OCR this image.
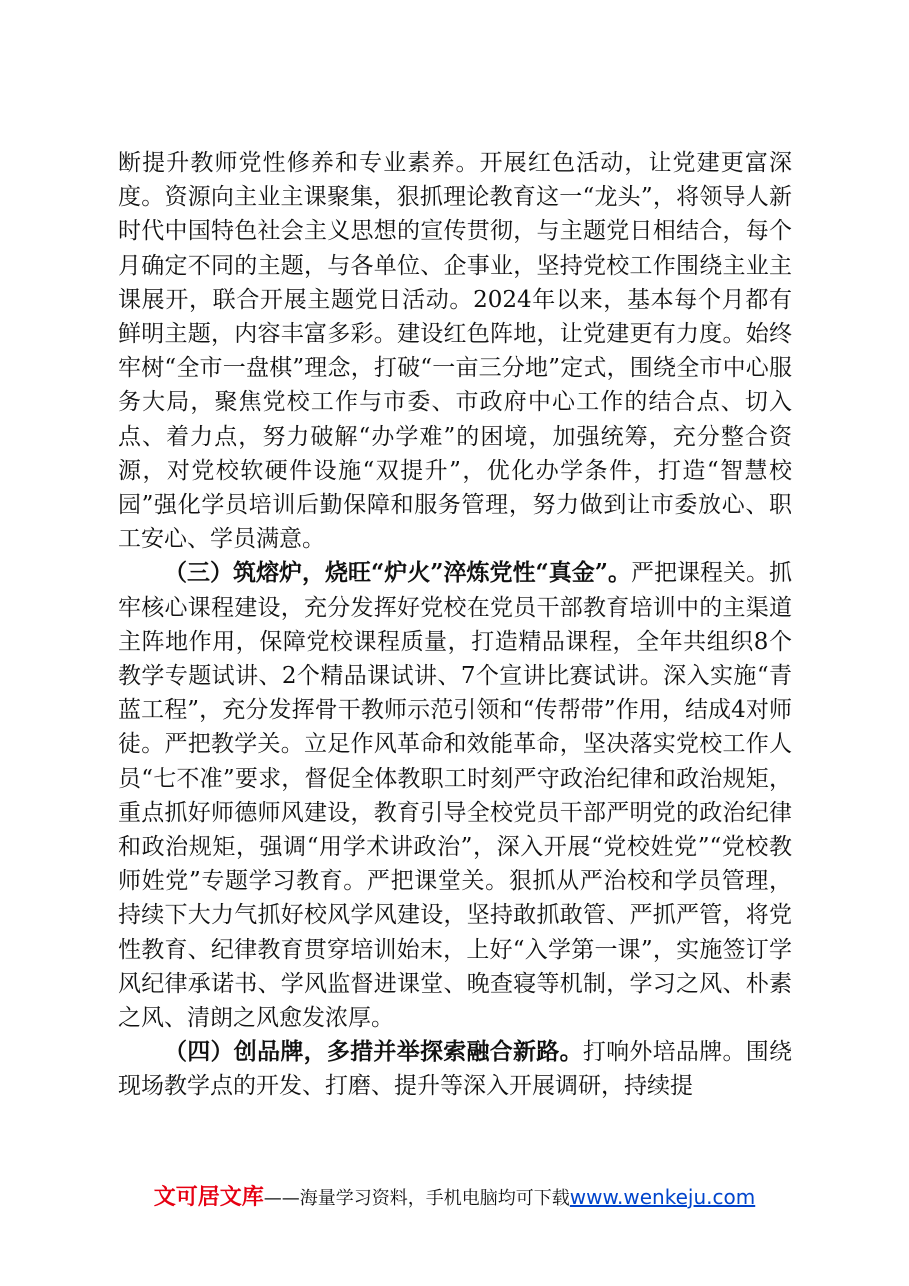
断提升教师党性修养和专业素养。开展红色活动，让党建更富深度。资源向主业主课聚集，狠抓理论教育这一“龙头”，将领导人新时代中国特色社会主义思想的宣传贯彻，与主题党日相结合，每个月确定不同的主题，与各单位、企事业，坚持党校工作围绕主业主课展开，联合开展主题党日活动。2024年以来，基本每个月都有鲜明主题，内容丰富多彩。建设红色阵地，让党建更有力度。始终牢树“全市一盘棋”理念，打破“一亩三分地”定式，围绕全市中心服务大局，聚焦党校工作与市委、市政府中心工作的结合点、切入点、着力点，努力破解“办学难”的困境，加强统筹，充分整合资源，对党校软硬件设施“双提升”，优化办学条件，打造“智慧校园”强化学员培训后勤保障和服务管理，努力做到让市委放心、职工安心、学员满意。

（三）筑熔炉，烧旺“炉火”淬炼党性“真金”。严把课程关。抓牢核心课程建设，充分发挥好党校在党员干部教育培训中的主渠道主阵地作用，保障党校课程质量，打造精品课程，全年共组织8个教学专题试讲、2个精品课试讲、7个宣讲比赛试讲。深入实施“青蓝工程”，充分发挥骨干教师示范引领和“传帮带”作用，结成4对师徒。严把教学关。立足作风革命和效能革命，坚决落实党校工作人员“七不准”要求，督促全体教职工时刻严守政治纪律和政治规矩，重点抓好师德师风建设，教育引导全校党员干部严明党的政治纪律和政治规矩，强调“用学术讲政治”，深入开展“党校姓党”“党校教师姓党”专题学习教育。严把课堂关。狠抓从严治校和学员管理，持续下大力气抓好校风学风建设，坚持敢抓敢管、严抓严管，将党性教育、纪律教育贯穿培训始末，上好“入学第一课”，实施签订学风纪律承诺书、学风监督进课堂、晚查寝等机制，学习之风、朴素之风、清朗之风愈发浓厚。

（四）创品牌，多措并举探索融合新路。打响外培品牌。围绕现场教学点的开发、打磨、提升等深入开展调研，持续提

文可居文库——海量学习资料，手机电脑均可下载www.wenkeju.com
